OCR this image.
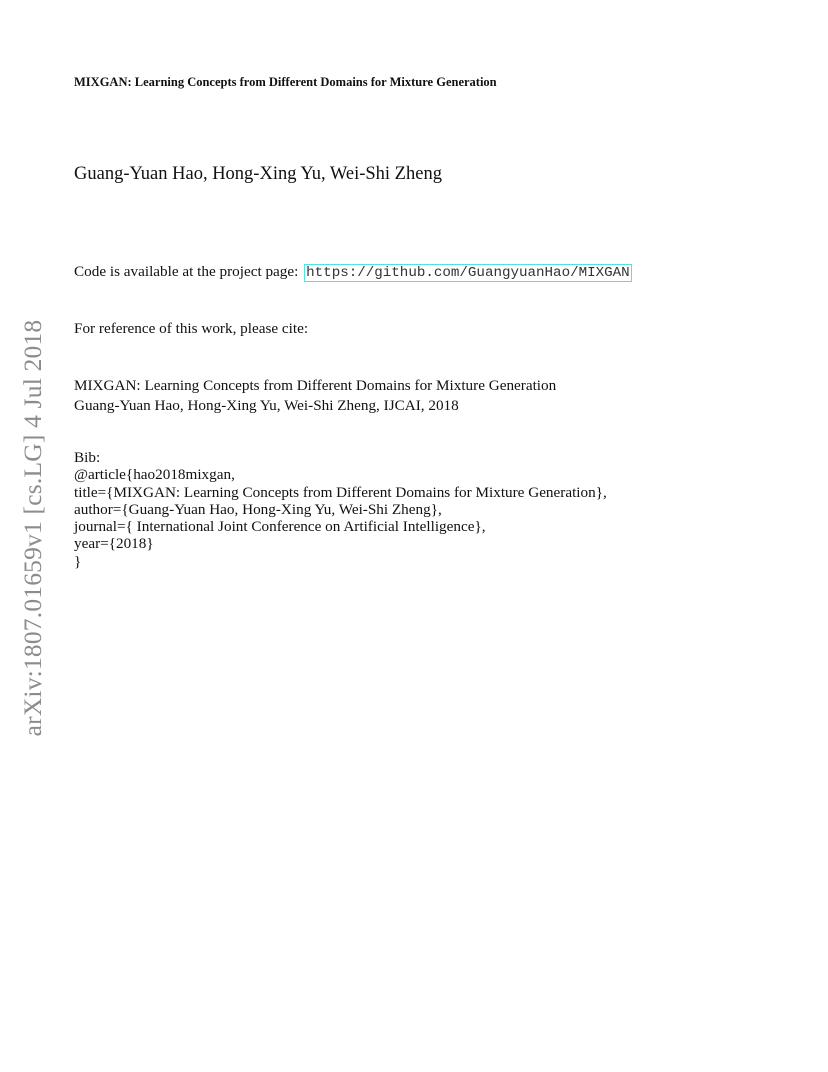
arXiv:1807.01659v1 [cs.LG] 4 Jul 2018
MIXGAN: Learning Concepts from Different Domains for Mixture Generation
Guang-Yuan Hao, Hong-Xing Yu, Wei-Shi Zheng
Code is available at the project page: https://github.com/GuangyuanHao/MIXGAN
For reference of this work, please cite:
MIXGAN: Learning Concepts from Different Domains for Mixture Generation
Guang-Yuan Hao, Hong-Xing Yu, Wei-Shi Zheng, IJCAI, 2018
Bib:
@article{hao2018mixgan,
title={MIXGAN: Learning Concepts from Different Domains for Mixture Generation},
author={Guang-Yuan Hao, Hong-Xing Yu, Wei-Shi Zheng},
journal={ International Joint Conference on Artificial Intelligence},
year={2018}
}
